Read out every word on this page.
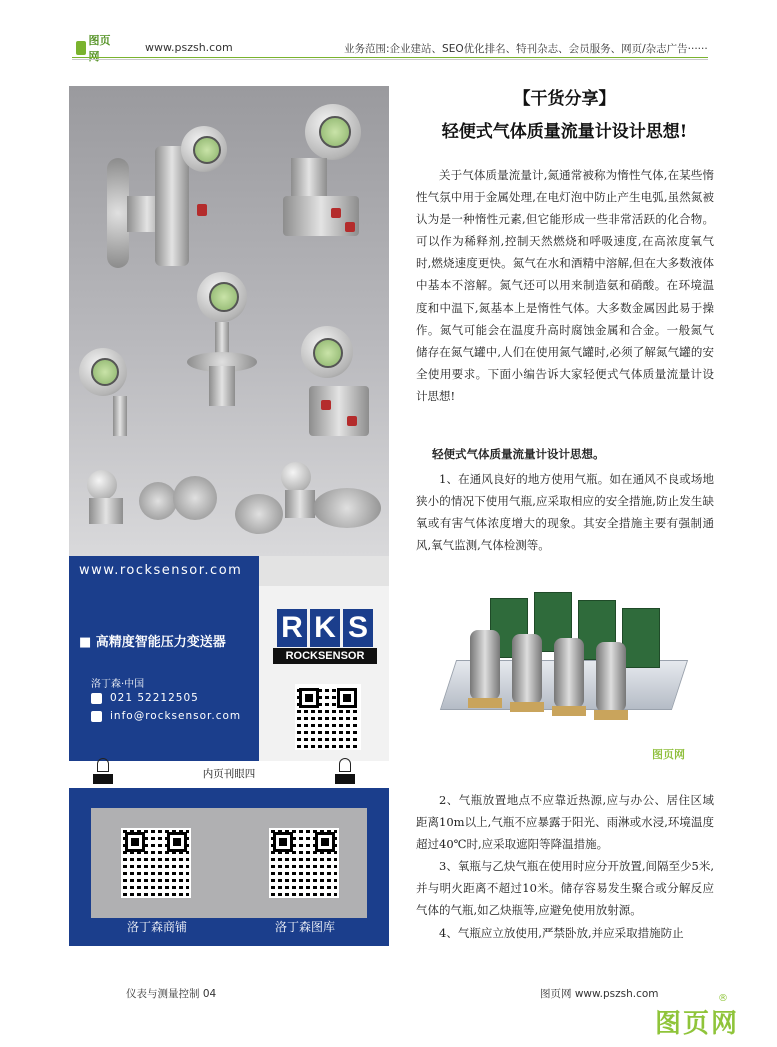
图页
www.pszsh.com	业务范围:企业建站、SEO优化排名、特刊杂志、会员服务、网页/杂志广告······
www.rocksensor.com
■ 高精度智能压力变送器
洛丁森·中国
021 52212505
info@rocksensor.com
R K S
ROCKSENSOR
内页刊眼四
洛丁森商铺	洛丁森图库
【干货分享】
轻便式气体质量流量计设计思想!
关于气体质量流量计,氮通常被称为惰性气体,在某些惰性气氛中用于金属处理,在电灯泡中防止产生电弧,虽然氮被认为是一种惰性元素,但它能形成一些非常活跃的化合物。可以作为稀释剂,控制天然燃烧和呼吸速度,在高浓度氧气时,燃烧速度更快。氮气在水和酒精中溶解,但在大多数液体中基本不溶解。氮气还可以用来制造氨和硝酸。在环境温度和中温下,氮基本上是惰性气体。大多数金属因此易于操作。氮气可能会在温度升高时腐蚀金属和合金。一般氮气储存在氮气罐中,人们在使用氮气罐时,必须了解氮气罐的安全使用要求。下面小编告诉大家轻便式气体质量流量计设计思想!
轻便式气体质量流量计设计思想。
1、在通风良好的地方使用气瓶。如在通风不良或场地狭小的情况下使用气瓶,应采取相应的安全措施,防止发生缺氧或有害气体浓度增大的现象。其安全措施主要有强制通风,氧气监测,气体检测等。
图页网
2、气瓶放置地点不应靠近热源,应与办公、居住区域距离10m以上,气瓶不应暴露于阳光、雨淋或水浸,环境温度超过40℃时,应采取遮阳等降温措施。
3、氧瓶与乙炔气瓶在使用时应分开放置,间隔至少5米,并与明火距离不超过10米。储存容易发生聚合或分解反应气体的气瓶,如乙炔瓶等,应避免使用放射源。
4、气瓶应立放使用,严禁卧放,并应采取措施防止
仪表与测量控制 04	图页网 www.pszsh.com
图页网
®
